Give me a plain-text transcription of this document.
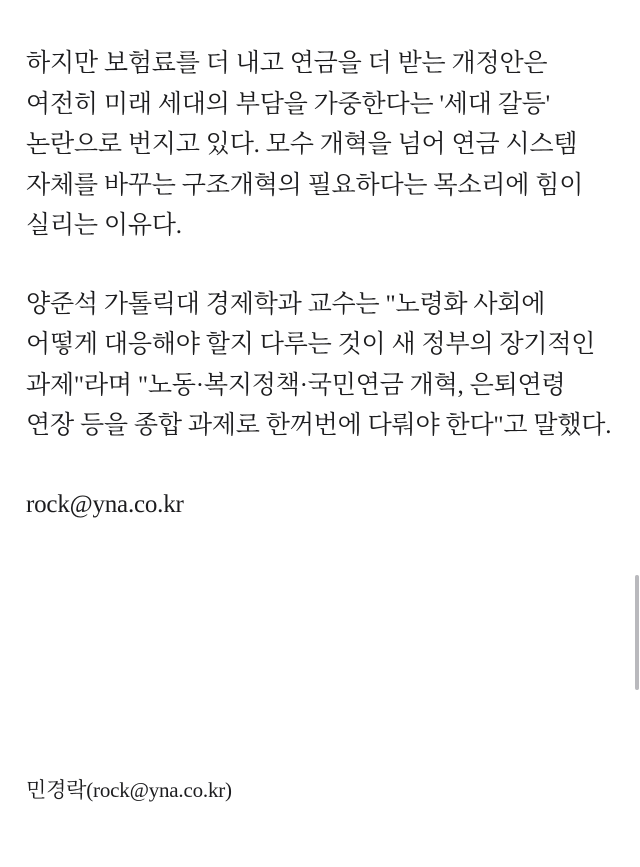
하지만 보험료를 더 내고 연금을 더 받는 개정안은 여전히 미래 세대의 부담을 가중한다는 '세대 갈등' 논란으로 번지고 있다. 모수 개혁을 넘어 연금 시스템 자체를 바꾸는 구조개혁의 필요하다는 목소리에 힘이 실리는 이유다.

양준석 가톨릭대 경제학과 교수는 "노령화 사회에 어떻게 대응해야 할지 다루는 것이 새 정부의 장기적인 과제"라며 "노동·복지정책·국민연금 개혁, 은퇴연령 연장 등을 종합 과제로 한꺼번에 다뤄야 한다"고 말했다.

rock@yna.co.kr

민경락(rock@yna.co.kr)
